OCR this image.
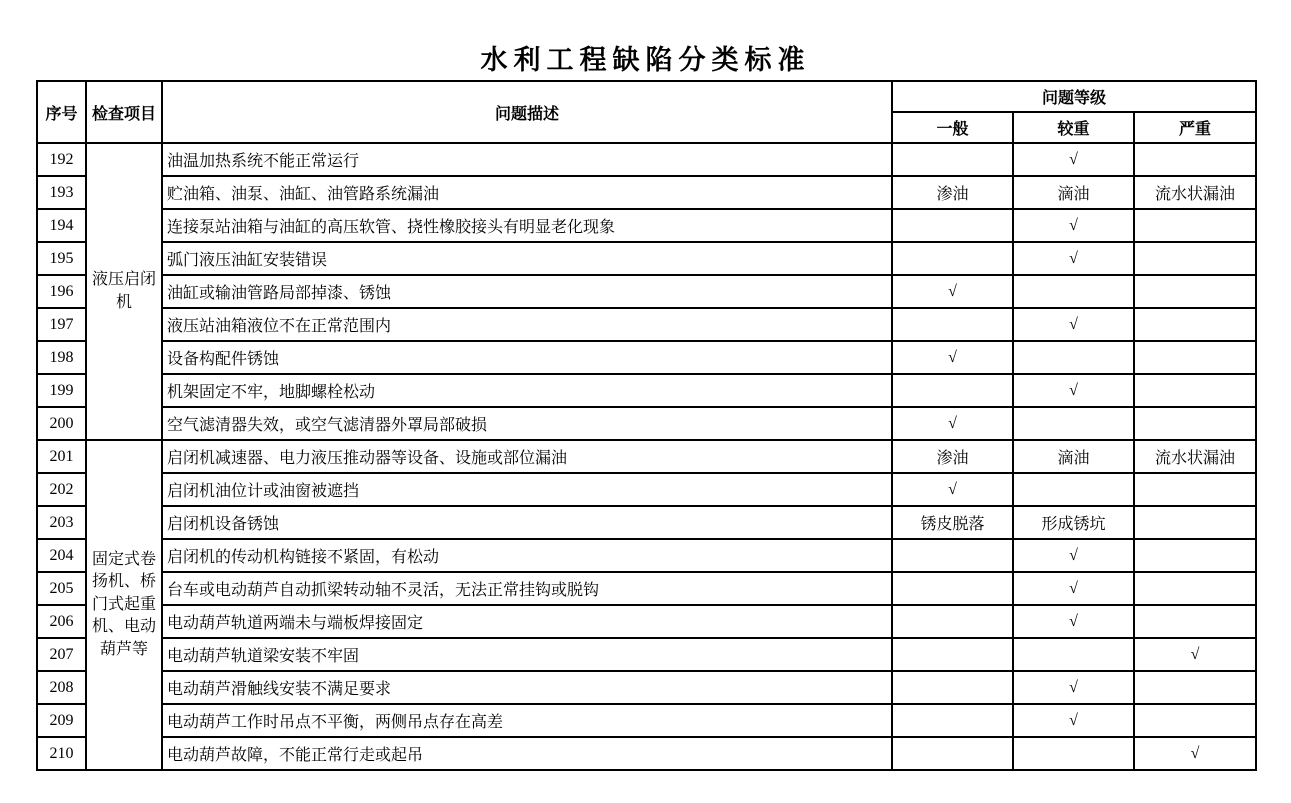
水利工程缺陷分类标准
序号	检查项目	问题描述	问题等级		
			一般	较重	严重
192	液压启闭机	油温加热系统不能正常运行		√	
193		贮油箱、油泵、油缸、油管路系统漏油	渗油	滴油	流水状漏油
194		连接泵站油箱与油缸的高压软管、挠性橡胶接头有明显老化现象		√	
195		弧门液压油缸安装错误		√	
196		油缸或输油管路局部掉漆、锈蚀	√		
197		液压站油箱液位不在正常范围内		√	
198		设备构配件锈蚀	√		
199		机架固定不牢，地脚螺栓松动		√	
200		空气滤清器失效，或空气滤清器外罩局部破损	√		
201	固定式卷扬机、桥门式起重机、电动葫芦等	启闭机减速器、电力液压推动器等设备、设施或部位漏油	渗油	滴油	流水状漏油
202		启闭机油位计或油窗被遮挡	√		
203		启闭机设备锈蚀	锈皮脱落	形成锈坑	
204		启闭机的传动机构链接不紧固，有松动		√	
205		台车或电动葫芦自动抓梁转动轴不灵活，无法正常挂钩或脱钩		√	
206		电动葫芦轨道两端未与端板焊接固定		√	
207		电动葫芦轨道梁安装不牢固			√
208		电动葫芦滑触线安装不满足要求		√	
209		电动葫芦工作时吊点不平衡，两侧吊点存在高差		√	
210		电动葫芦故障，不能正常行走或起吊			√
